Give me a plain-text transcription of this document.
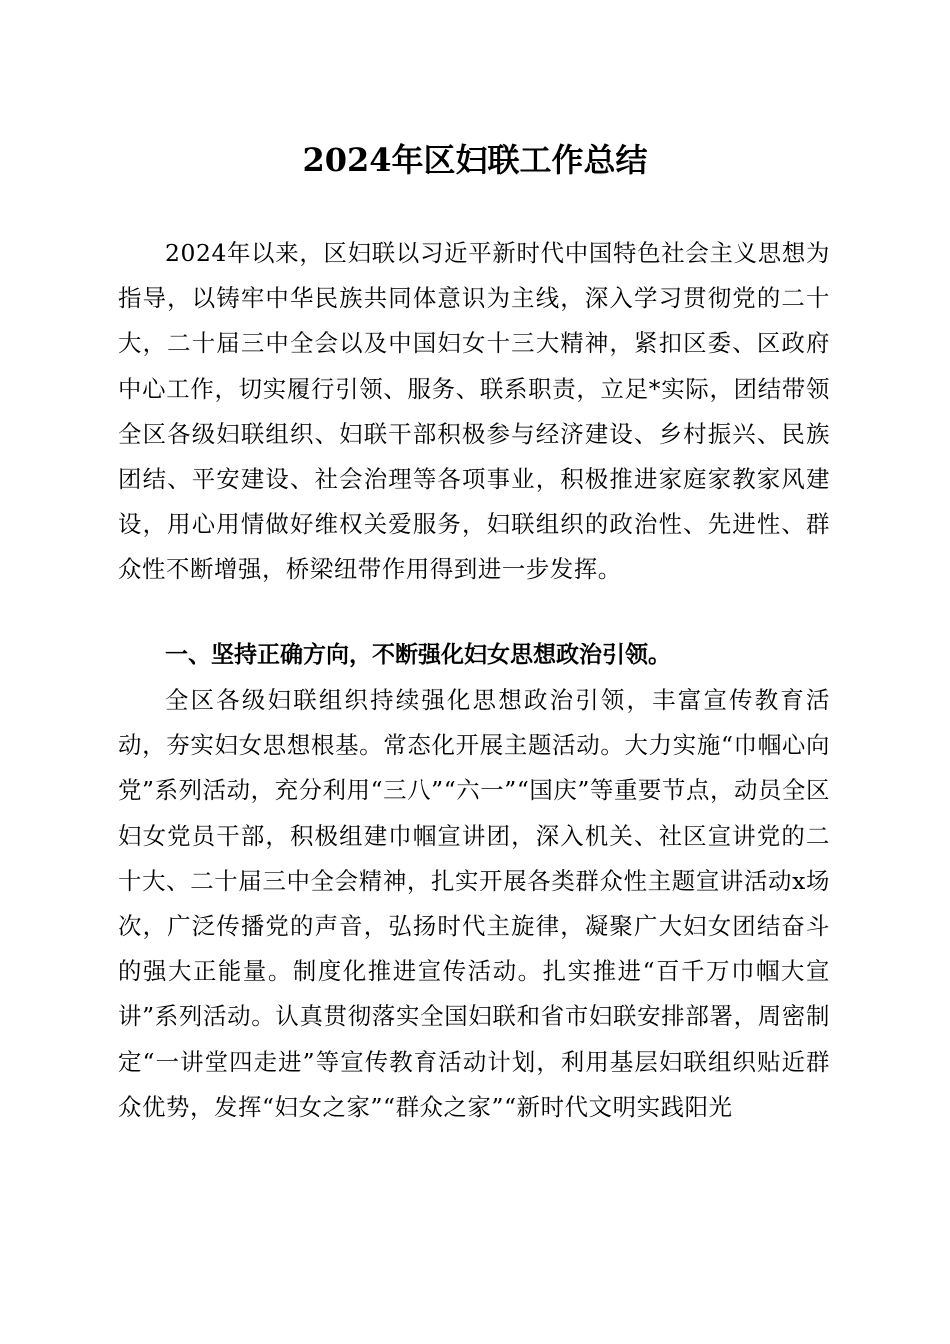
2024年区妇联工作总结

2024年以来，区妇联以习近平新时代中国特色社会主义思想为指导，以铸牢中华民族共同体意识为主线，深入学习贯彻党的二十大，二十届三中全会以及中国妇女十三大精神，紧扣区委、区政府中心工作，切实履行引领、服务、联系职责，立足*实际，团结带领全区各级妇联组织、妇联干部积极参与经济建设、乡村振兴、民族团结、平安建设、社会治理等各项事业，积极推进家庭家教家风建设，用心用情做好维权关爱服务，妇联组织的政治性、先进性、群众性不断增强，桥梁纽带作用得到进一步发挥。

一、坚持正确方向，不断强化妇女思想政治引领。

全区各级妇联组织持续强化思想政治引领，丰富宣传教育活动，夯实妇女思想根基。常态化开展主题活动。大力实施“巾帼心向党”系列活动，充分利用“三八”“六一”“国庆”等重要节点，动员全区妇女党员干部，积极组建巾帼宣讲团，深入机关、社区宣讲党的二十大、二十届三中全会精神，扎实开展各类群众性主题宣讲活动x场次，广泛传播党的声音，弘扬时代主旋律，凝聚广大妇女团结奋斗的强大正能量。制度化推进宣传活动。扎实推进“百千万巾帼大宣讲”系列活动。认真贯彻落实全国妇联和省市妇联安排部署，周密制定“一讲堂四走进”等宣传教育活动计划，利用基层妇联组织贴近群众优势，发挥“妇女之家”“群众之家”“新时代文明实践阳光
